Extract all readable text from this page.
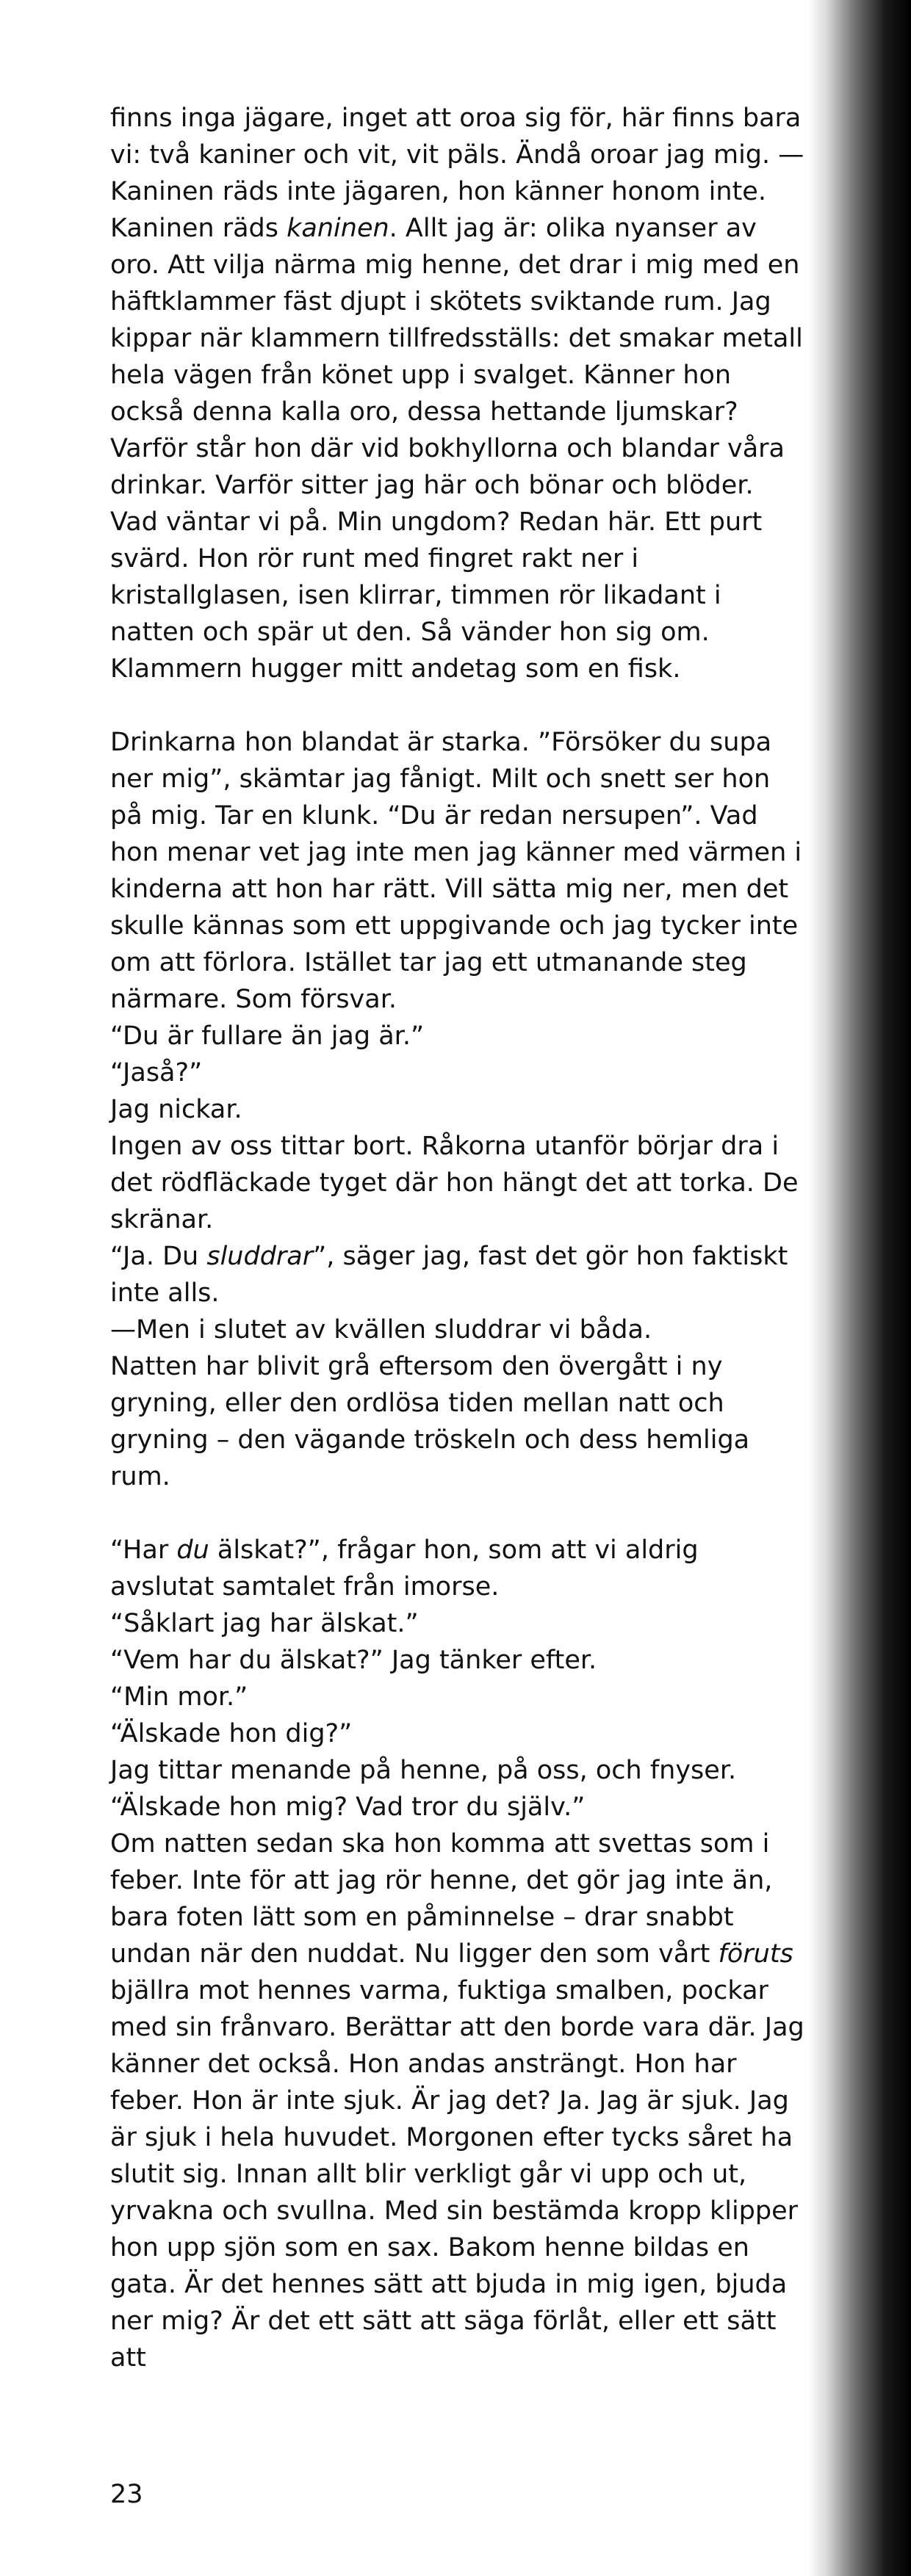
finns inga jägare, inget att oroa sig för, här finns bara vi: två kaniner och vit, vit päls. Ändå oroar jag mig. —Kaninen räds inte jägaren, hon känner honom inte. Kaninen räds kaninen. Allt jag är: olika nyanser av oro. Att vilja närma mig henne, det drar i mig med en häftklammer fäst djupt i skötets sviktande rum. Jag kippar när klammern tillfredsställs: det smakar metall hela vägen från könet upp i svalget. Känner hon också denna kalla oro, dessa hettande ljumskar? Varför står hon där vid bokhyllorna och blandar våra drinkar. Varför sitter jag här och bönar och blöder. Vad väntar vi på. Min ungdom? Redan här. Ett purt svärd. Hon rör runt med fingret rakt ner i kristallglasen, isen klirrar, timmen rör likadant i natten och spär ut den. Så vänder hon sig om. Klammern hugger mitt andetag som en fisk.

Drinkarna hon blandat är starka. ”Försöker du supa ner mig”, skämtar jag fånigt. Milt och snett ser hon på mig. Tar en klunk. “Du är redan nersupen”. Vad hon menar vet jag inte men jag känner med värmen i kinderna att hon har rätt. Vill sätta mig ner, men det skulle kännas som ett uppgivande och jag tycker inte om att förlora. Istället tar jag ett utmanande steg närmare. Som försvar.

“Du är fullare än jag är.”

“Jaså?”

Jag nickar.

Ingen av oss tittar bort. Råkorna utanför börjar dra i det rödfläckade tyget där hon hängt det att torka. De skränar.

“Ja. Du sluddrar”, säger jag, fast det gör hon faktiskt inte alls.

—Men i slutet av kvällen sluddrar vi båda.

Natten har blivit grå eftersom den övergått i ny gryning, eller den ordlösa tiden mellan natt och gryning – den vägande tröskeln och dess hemliga rum.

“Har du älskat?”, frågar hon, som att vi aldrig avslutat samtalet från imorse.

“Såklart jag har älskat.”

“Vem har du älskat?” Jag tänker efter.

“Min mor.”

“Älskade hon dig?”

Jag tittar menande på henne, på oss, och fnyser.

“Älskade hon mig? Vad tror du själv.”

Om natten sedan ska hon komma att svettas som i feber. Inte för att jag rör henne, det gör jag inte än, bara foten lätt som en påminnelse – drar snabbt undan när den nuddat. Nu ligger den som vårt föruts bjällra mot hennes varma, fuktiga smalben, pockar med sin frånvaro. Berättar att den borde vara där. Jag känner det också. Hon andas ansträngt. Hon har feber. Hon är inte sjuk. Är jag det? Ja. Jag är sjuk. Jag är sjuk i hela huvudet. Morgonen efter tycks såret ha slutit sig. Innan allt blir verkligt går vi upp och ut, yrvakna och svullna. Med sin bestämda kropp klipper hon upp sjön som en sax. Bakom henne bildas en gata. Är det hennes sätt att bjuda in mig igen, bjuda ner mig? Är det ett sätt att säga förlåt, eller ett sätt att

23
